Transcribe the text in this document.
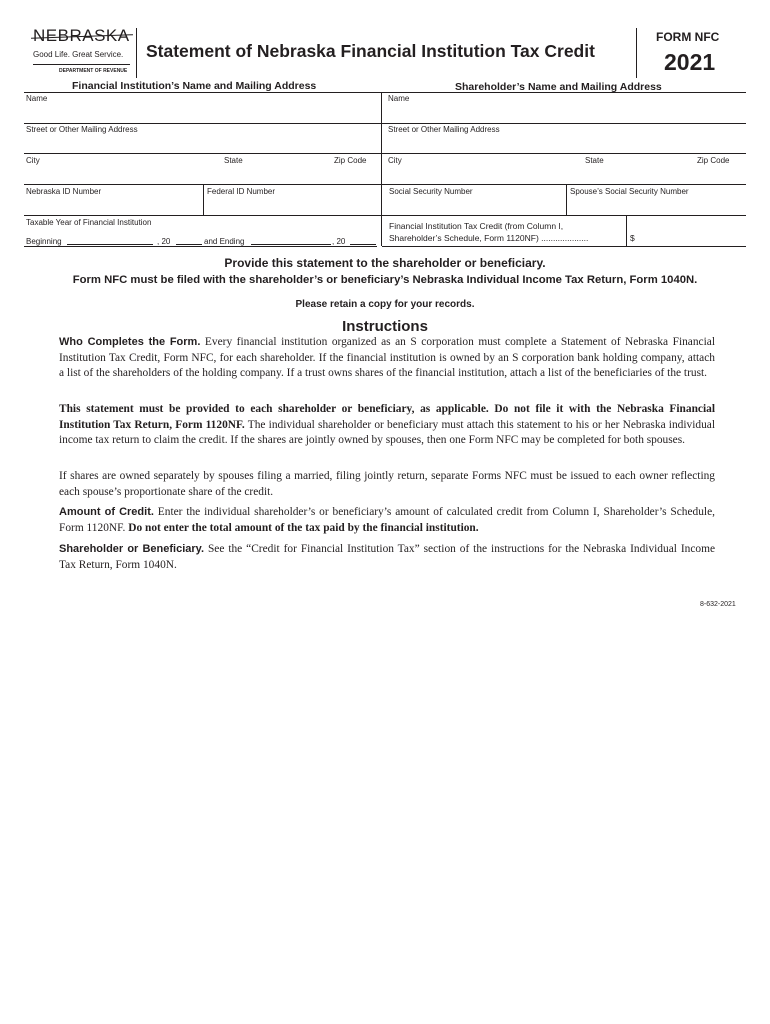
NEBRASKA
Good Life. Great Service.
DEPARTMENT OF REVENUE
Statement of Nebraska Financial Institution Tax Credit
FORM NFC
2021
Financial Institution’s Name and Mailing Address	Shareholder’s Name and Mailing Address
Name
Street or Other Mailing Address
City	State	Zip Code
Nebraska ID Number	Federal ID Number
Taxable Year of Financial Institution
Beginning	, 20	and Ending	, 20
Name
Street or Other Mailing Address
City	State	Zip Code
Social Security Number	Spouse’s Social Security Number
Financial Institution Tax Credit (from Column I,
Shareholder’s Schedule, Form 1120NF) ....................	$
Provide this statement to the shareholder or beneficiary.
Form NFC must be filed with the shareholder’s or beneficiary’s Nebraska Individual Income Tax Return, Form 1040N.
Please retain a copy for your records.
Instructions
Who Completes the Form. Every financial institution organized as an S corporation must complete a Statement of Nebraska Financial Institution Tax Credit, Form NFC, for each shareholder. If the financial institution is owned by an S corporation bank holding company, attach a list of the shareholders of the holding company. If a trust owns shares of the financial institution, attach a list of the beneficiaries of the trust.
This statement must be provided to each shareholder or beneficiary, as applicable. Do not file it with the Nebraska Financial Institution Tax Return, Form 1120NF. The individual shareholder or beneficiary must attach this statement to his or her Nebraska individual income tax return to claim the credit. If the shares are jointly owned by spouses, then one Form NFC may be completed for both spouses.
If shares are owned separately by spouses filing a married, filing jointly return, separate Forms NFC must be issued to each owner reflecting each spouse’s proportionate share of the credit.
Amount of Credit. Enter the individual shareholder’s or beneficiary’s amount of calculated credit from Column I, Shareholder’s Schedule, Form 1120NF. Do not enter the total amount of the tax paid by the financial institution.
Shareholder or Beneficiary. See the “Credit for Financial Institution Tax” section of the instructions for the Nebraska Individual Income Tax Return, Form 1040N.
8-632-2021
